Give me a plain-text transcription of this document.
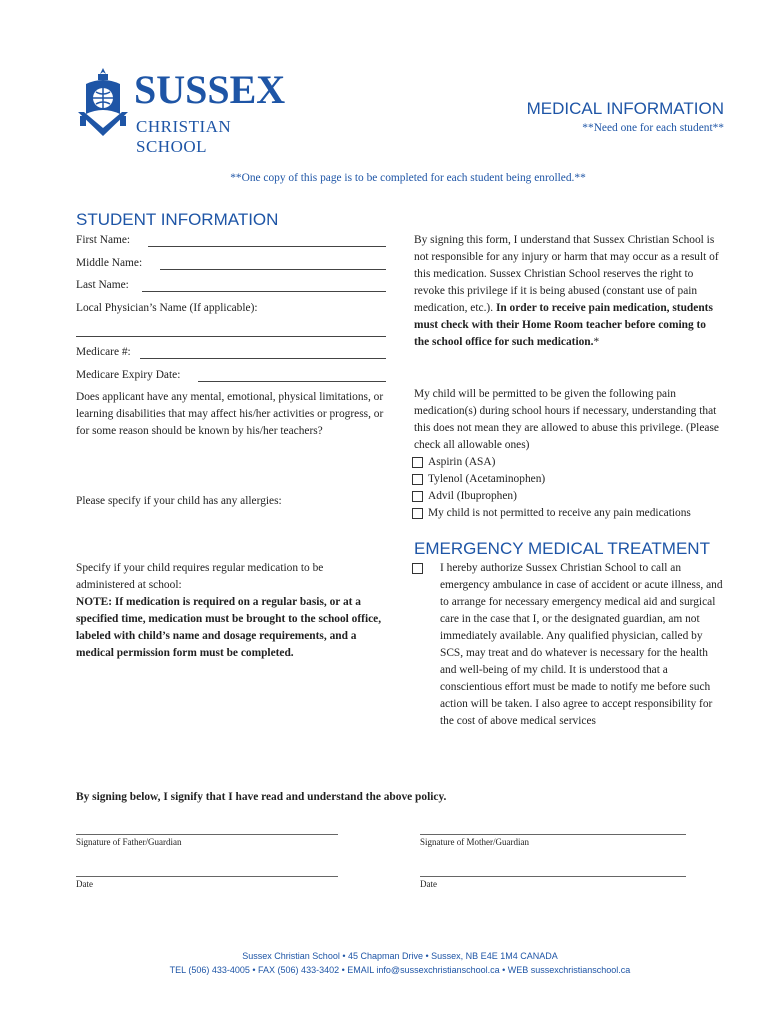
SUSSEX
CHRISTIAN SCHOOL
MEDICAL INFORMATION
**Need one for each student**
**One copy of this page is to be completed for each student being enrolled.**
STUDENT INFORMATION
First Name:
Middle Name:
Last Name:
Local Physician’s Name (If applicable):
Medicare #:
Medicare Expiry Date:
Does applicant have any mental, emotional, physical limitations, or learning disabilities that may affect his/her activities or progress, or for some reason should be known by his/her teachers?
Please specify if your child has any allergies:
Specify if your child requires regular medication to be administered at school:
NOTE: If medication is required on a regular basis, or at a specified time, medication must be brought to the school office, labeled with child’s name and dosage requirements, and a medical permission form must be completed.
By signing this form, I understand that Sussex Christian School is not responsible for any injury or harm that may occur as a result of this medication. Sussex Christian School reserves the right to revoke this privilege if it is being abused (constant use of pain medication, etc.). In order to receive pain medication, students must check with their Home Room teacher before coming to the school office for such medication.*
My child will be permitted to be given the following pain medication(s) during school hours if necessary, understanding that this does not mean they are allowed to abuse this privilege. (Please check all allowable ones)
Aspirin (ASA)
Tylenol (Acetaminophen)
Advil (Ibuprophen)
My child is not permitted to receive any pain medications
EMERGENCY MEDICAL TREATMENT
I hereby authorize Sussex Christian School to call an emergency ambulance in case of accident or acute illness, and to arrange for necessary emergency medical aid and surgical care in the case that I, or the designated guardian, am not immediately available. Any qualified physician, called by SCS, may treat and do whatever is necessary for the health and well-being of my child. It is understood that a conscientious effort must be made to notify me before such action will be taken. I also agree to accept responsibility for the cost of above medical services
By signing below, I signify that I have read and understand the above policy.
Signature of Father/Guardian	Signature of Mother/Guardian
Date	Date
Sussex Christian School • 45 Chapman Drive • Sussex, NB E4E 1M4 CANADA
TEL (506) 433-4005 • FAX (506) 433-3402 • EMAIL info@sussexchristianschool.ca • WEB sussexchristianschool.ca
